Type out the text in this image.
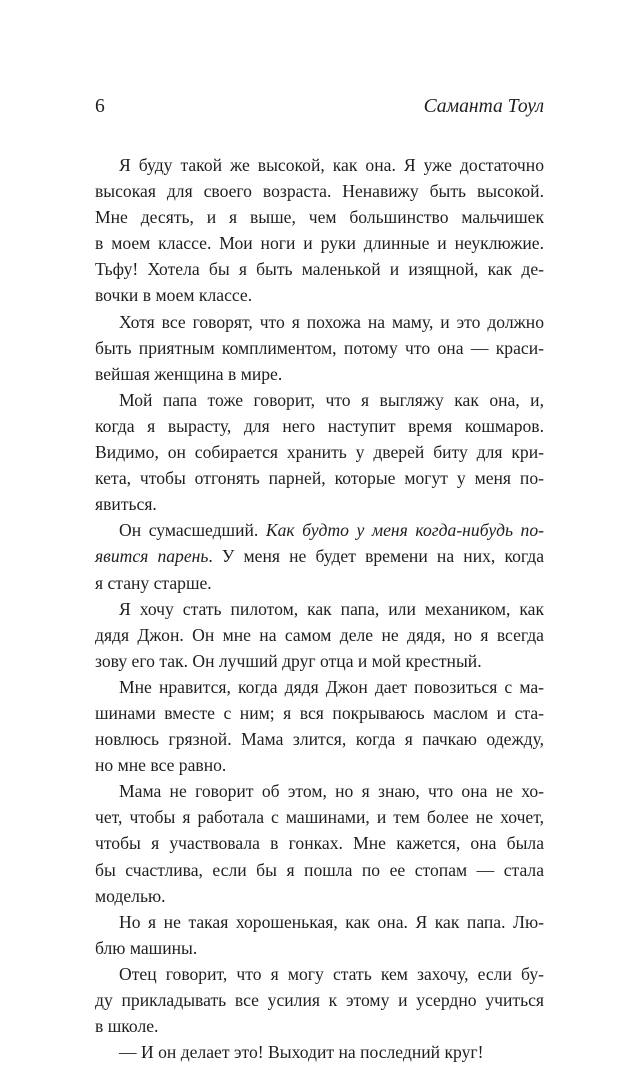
6	Саманта Тоул

Я буду такой же высокой, как она. Я уже достаточно
высокая для своего возраста. Ненавижу быть высокой.
Мне десять, и я выше, чем большинство мальчишек
в моем классе. Мои ноги и руки длинные и неуклюжие.
Тьфу! Хотела бы я быть маленькой и изящной, как де-
вочки в моем классе.

Хотя все говорят, что я похожа на маму, и это должно
быть приятным комплиментом, потому что она — краси-
вейшая женщина в мире.

Мой папа тоже говорит, что я выгляжу как она, и,
когда я вырасту, для него наступит время кошмаров.
Видимо, он собирается хранить у дверей биту для кри-
кета, чтобы отгонять парней, которые могут у меня по-
явиться.

Он сумасшедший. Как будто у меня когда-нибудь по-
явится парень. У меня не будет времени на них, когда
я стану старше.

Я хочу стать пилотом, как папа, или механиком, как
дядя Джон. Он мне на самом деле не дядя, но я всегда
зову его так. Он лучший друг отца и мой крестный.

Мне нравится, когда дядя Джон дает повозиться с ма-
шинами вместе с ним; я вся покрываюсь маслом и ста-
новлюсь грязной. Мама злится, когда я пачкаю одежду,
но мне все равно.

Мама не говорит об этом, но я знаю, что она не хо-
чет, чтобы я работала с машинами, и тем более не хочет,
чтобы я участвовала в гонках. Мне кажется, она была
бы счастлива, если бы я пошла по ее стопам — стала
моделью.

Но я не такая хорошенькая, как она. Я как папа. Лю-
блю машины.

Отец говорит, что я могу стать кем захочу, если бу-
ду прикладывать все усилия к этому и усердно учиться
в школе.

— И он делает это! Выходит на последний круг!
